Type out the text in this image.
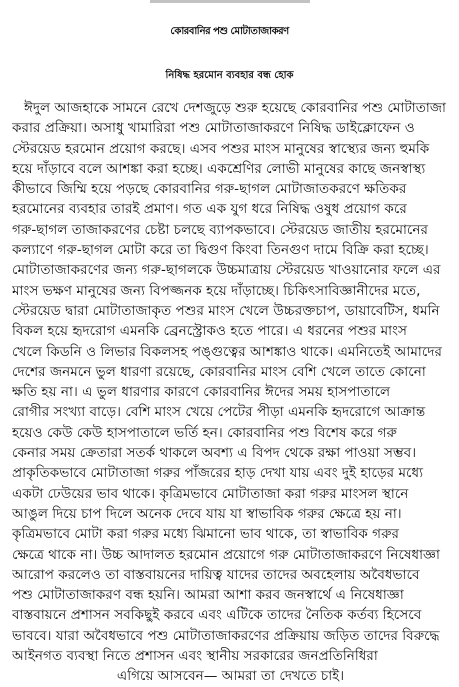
কোরবানির পশু মোটাতাজাকরণ
নিষিদ্ধ হরমোন ব্যবহার বন্ধ হোক
ঈদুল আজহাকে সামনে রেখে দেশজুড়ে শুরু হয়েছে কোরবানির পশু মোটাতাজা
করার প্রক্রিয়া। অসাধু খামারিরা পশু মোটাতাজাকরণে নিষিদ্ধ ডাইক্লোফেন ও
স্টেরয়েড হরমোন প্রয়োগ করছে। এসব পশুর মাংস মানুষের স্বাস্থ্যের জন্য হুমকি
হয়ে দাঁড়াবে বলে আশঙ্কা করা হচ্ছে। একশ্রেণির লোভী মানুষের কাছে জনস্বাস্থ্য
কীভাবে জিম্মি হয়ে পড়ছে কোরবানির গরু-ছাগল মোটাজাতকরণে ক্ষতিকর
হরমোনের ব্যবহার তারই প্রমাণ। গত এক যুগ ধরে নিষিদ্ধ ওষুধ প্রয়োগ করে
গরু-ছাগল তাজাকরণের চেষ্টা চলছে ব্যাপকভাবে। স্টেরয়েড জাতীয় হরমোনের
কল্যাণে গরু-ছাগল মোটা করে তা দ্বিগুণ কিংবা তিনগুণ দামে বিক্রি করা হচ্ছে।
মোটাতাজাকরণের জন্য গরু-ছাগলকে উচ্চমাত্রায় স্টেরয়েড খাওয়ানোর ফলে এর
মাংস ভক্ষণ মানুষের জন্য বিপজ্জনক হয়ে দাঁড়াচ্ছে। চিকিৎসাবিজ্ঞানীদের মতে,
স্টেরয়েড দ্বারা মোটাতাজাকৃত পশুর মাংস খেলে উচ্চরক্তচাপ, ডায়াবেটিস, ধমনি
বিকল হয়ে হৃদরোগ এমনকি ব্রেনস্ট্রোকও হতে পারে। এ ধরনের পশুর মাংস
খেলে কিডনি ও লিভার বিকলসহ পঙ্গুত্বের আশঙ্কাও থাকে। এমনিতেই আমাদের
দেশের জনমনে ভুল ধারণা রয়েছে, কোরবানির মাংস বেশি খেলে তাতে কোনো
ক্ষতি হয় না। এ ভুল ধারণার কারণে কোরবানির ঈদের সময় হাসপাতালে
রোগীর সংখ্যা বাড়ে। বেশি মাংস খেয়ে পেটের পীড়া এমনকি হৃদরোগে আক্রান্ত
হয়েও কেউ কেউ হাসপাতালে ভর্তি হন। কোরবানির পশু বিশেষ করে গরু
কেনার সময় ক্রেতারা সতর্ক থাকলে অবশ্য এ বিপদ থেকে রক্ষা পাওয়া সম্ভব।
প্রাকৃতিকভাবে মোটাতাজা গরুর পাঁজরের হাড় দেখা যায় এবং দুই হাড়ের মধ্যে
একটা ঢেউয়ের ভাব থাকে। কৃত্রিমভাবে মোটাতাজা করা গরুর মাংসল স্থানে
আঙুল দিয়ে চাপ দিলে অনেক দেবে যায় যা স্বাভাবিক গরুর ক্ষেত্রে হয় না।
কৃত্রিমভাবে মোটা করা গরুর মধ্যে ঝিমানো ভাব থাকে, তা স্বাভাবিক গরুর
ক্ষেত্রে থাকে না। উচ্চ আদালত হরমোন প্রয়োগে গরু মোটাতাজাকরণে নিষেধাজ্ঞা
আরোপ করলেও তা বাস্তবায়নের দায়িত্ব যাদের তাদের অবহেলায় অবৈধভাবে
পশু মোটাতাজাকরণ বন্ধ হয়নি। আমরা আশা করব জনস্বার্থে এ নিষেধাজ্ঞা
বাস্তবায়নে প্রশাসন সবকিছুই করবে এবং এটিকে তাদের নৈতিক কর্তব্য হিসেবে
ভাববে। যারা অবৈধভাবে পশু মোটাতাজাকরণের প্রক্রিয়ায় জড়িত তাদের বিরুদ্ধে
আইনগত ব্যবস্থা নিতে প্রশাসন এবং স্থানীয় সরকারের জনপ্রতিনিধিরা
এগিয়ে আসবেন— আমরা তা দেখতে চাই।
